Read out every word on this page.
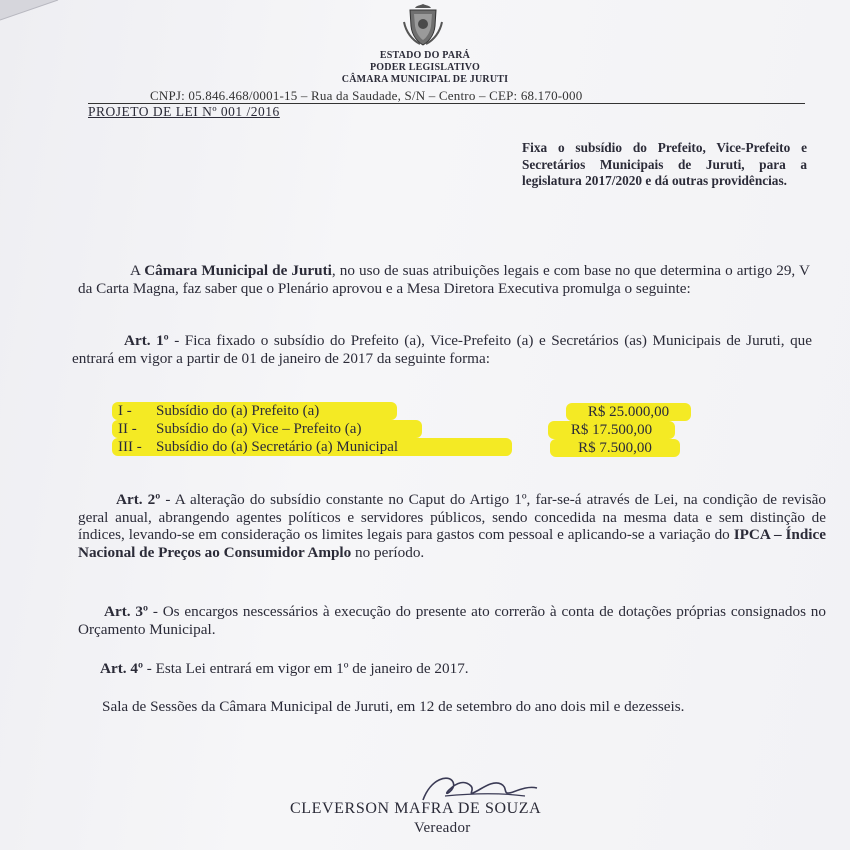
ESTADO DO PARÁ
PODER LEGISLATIVO
CÂMARA MUNICIPAL DE JURUTI
CNPJ: 05.846.468/0001-15 – Rua da Saudade, S/N – Centro – CEP: 68.170-000
PROJETO DE LEI Nº 001 /2016
Fixa o subsídio do Prefeito, Vice-Prefeito e Secretários Municipais de Juruti, para a legislatura 2017/2020 e dá outras providências.
A Câmara Municipal de Juruti, no uso de suas atribuições legais e com base no que determina o artigo 29, V da Carta Magna, faz saber que o Plenário aprovou e a Mesa Diretora Executiva promulga o seguinte:
Art. 1º - Fica fixado o subsídio do Prefeito (a), Vice-Prefeito (a) e Secretários (as) Municipais de Juruti, que entrará em vigor a partir de 01 de janeiro de 2017 da seguinte forma:
I - Subsídio do (a) Prefeito (a)	R$ 25.000,00
II - Subsídio do (a) Vice – Prefeito (a)	R$ 17.500,00
III - Subsídio do (a) Secretário (a) Municipal	R$ 7.500,00
Art. 2º - A alteração do subsídio constante no Caput do Artigo 1º, far-se-á através de Lei, na condição de revisão geral anual, abrangendo agentes políticos e servidores públicos, sendo concedida na mesma data e sem distinção de índices, levando-se em consideração os limites legais para gastos com pessoal e aplicando-se a variação do IPCA – Índice Nacional de Preços ao Consumidor Amplo no período.
Art. 3º - Os encargos nescessários à execução do presente ato correrão à conta de dotações próprias consignados no Orçamento Municipal.
Art. 4º - Esta Lei entrará em vigor em 1º de janeiro de 2017.
Sala de Sessões da Câmara Municipal de Juruti, em 12 de setembro do ano dois mil e dezesseis.
CLEVERSON MAFRA DE SOUZA
Vereador
